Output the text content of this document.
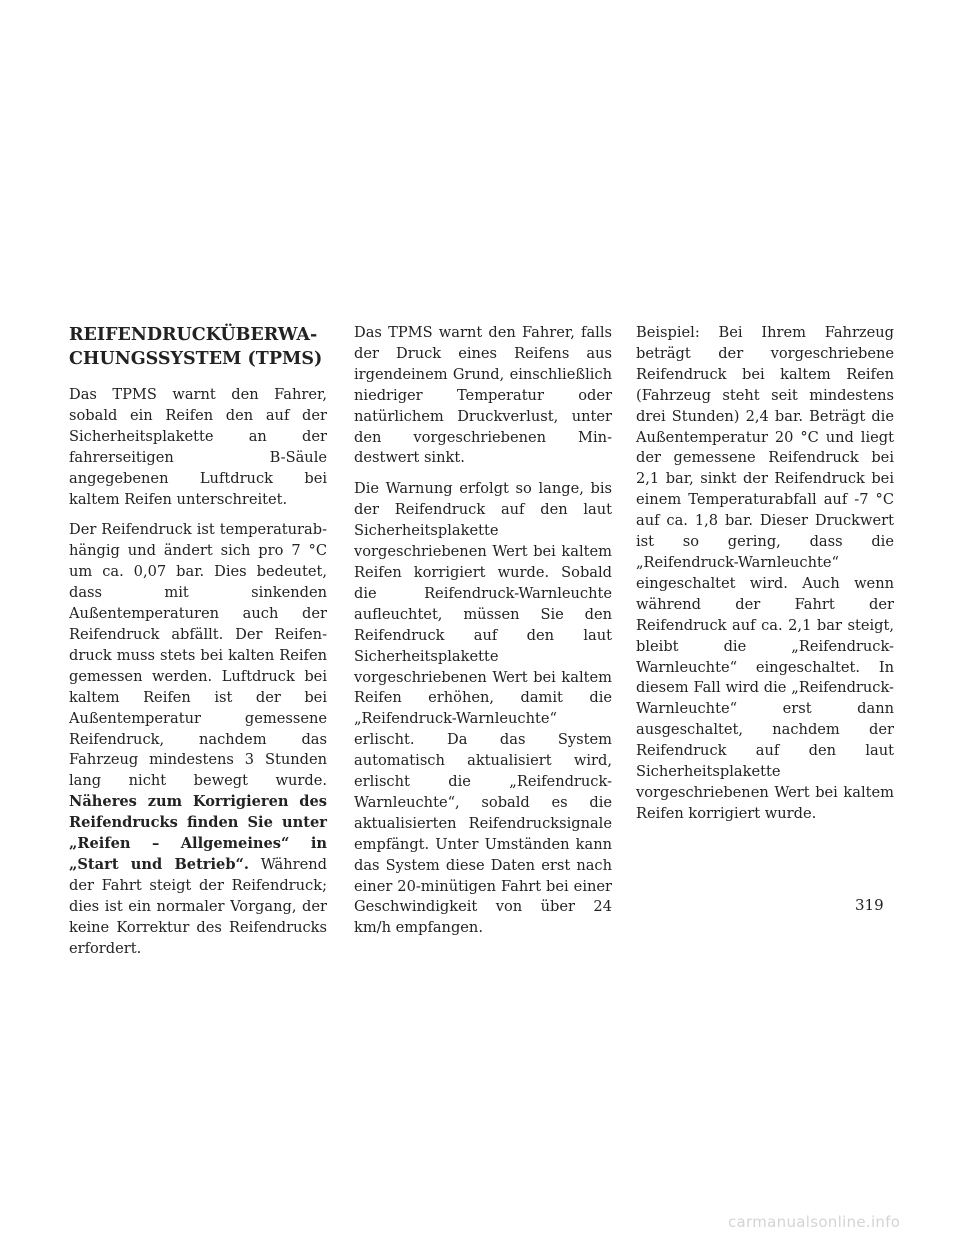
REIFENDRUCKÜBERWA-
CHUNGSSYSTEM (TPMS)

Das TPMS warnt den Fahrer, sobald ein Reifen den auf der Sicherheitsplakette an der fahrerseitigen B-Säule angegebenen Luftdruck bei kaltem Reifen unterschreitet.

Der Reifendruck ist temperaturabhängig und ändert sich pro 7 °C um ca. 0,07 bar. Dies bedeutet, dass mit sinkenden Außentemperaturen auch der Reifendruck abfällt. Der Reifendruck muss stets bei kalten Reifen gemessen werden. Luftdruck bei kaltem Reifen ist der bei Außentemperatur gemessene Reifendruck, nachdem das Fahrzeug mindestens 3 Stunden lang nicht bewegt wurde. Näheres zum Korrigieren des Reifendrucks finden Sie unter „Reifen – Allgemeines“ in „Start und Betrieb“. Während der Fahrt steigt der Reifendruck; dies ist ein normaler Vorgang, der keine Korrektur des Reifendrucks erfordert.

Das TPMS warnt den Fahrer, falls der Druck eines Reifens aus irgendeinem Grund, einschließlich niedriger Temperatur oder natürlichem Druckverlust, unter den vorgeschriebenen Mindestwert sinkt.

Die Warnung erfolgt so lange, bis der Reifendruck auf den laut Sicherheitsplakette vorgeschriebenen Wert bei kaltem Reifen korrigiert wurde. Sobald die Reifendruck-Warnleuchte aufleuchtet, müssen Sie den Reifendruck auf den laut Sicherheitsplakette vorgeschriebenen Wert bei kaltem Reifen erhöhen, damit die „Reifendruck-Warnleuchte“ erlischt. Da das System automatisch aktualisiert wird, erlischt die „Reifendruck-Warnleuchte“, sobald es die aktualisierten Reifendrucksignale empfängt. Unter Umständen kann das System diese Daten erst nach einer 20-minütigen Fahrt bei einer Geschwindigkeit von über 24 km/h empfangen.

Beispiel: Bei Ihrem Fahrzeug beträgt der vorgeschriebene Reifendruck bei kaltem Reifen (Fahrzeug steht seit mindestens drei Stunden) 2,4 bar. Beträgt die Außentemperatur 20 °C und liegt der gemessene Reifendruck bei 2,1 bar, sinkt der Reifendruck bei einem Temperaturabfall auf -7 °C auf ca. 1,8 bar. Dieser Druckwert ist so gering, dass die „Reifendruck-Warnleuchte“ eingeschaltet wird. Auch wenn während der Fahrt der Reifendruck auf ca. 2,1 bar steigt, bleibt die „Reifendruck-Warnleuchte“ eingeschaltet. In diesem Fall wird die „Reifendruck-Warnleuchte“ erst dann ausgeschaltet, nachdem der Reifendruck auf den laut Sicherheitsplakette vorgeschriebenen Wert bei kaltem Reifen korrigiert wurde.

319
carmanualsonline.info
